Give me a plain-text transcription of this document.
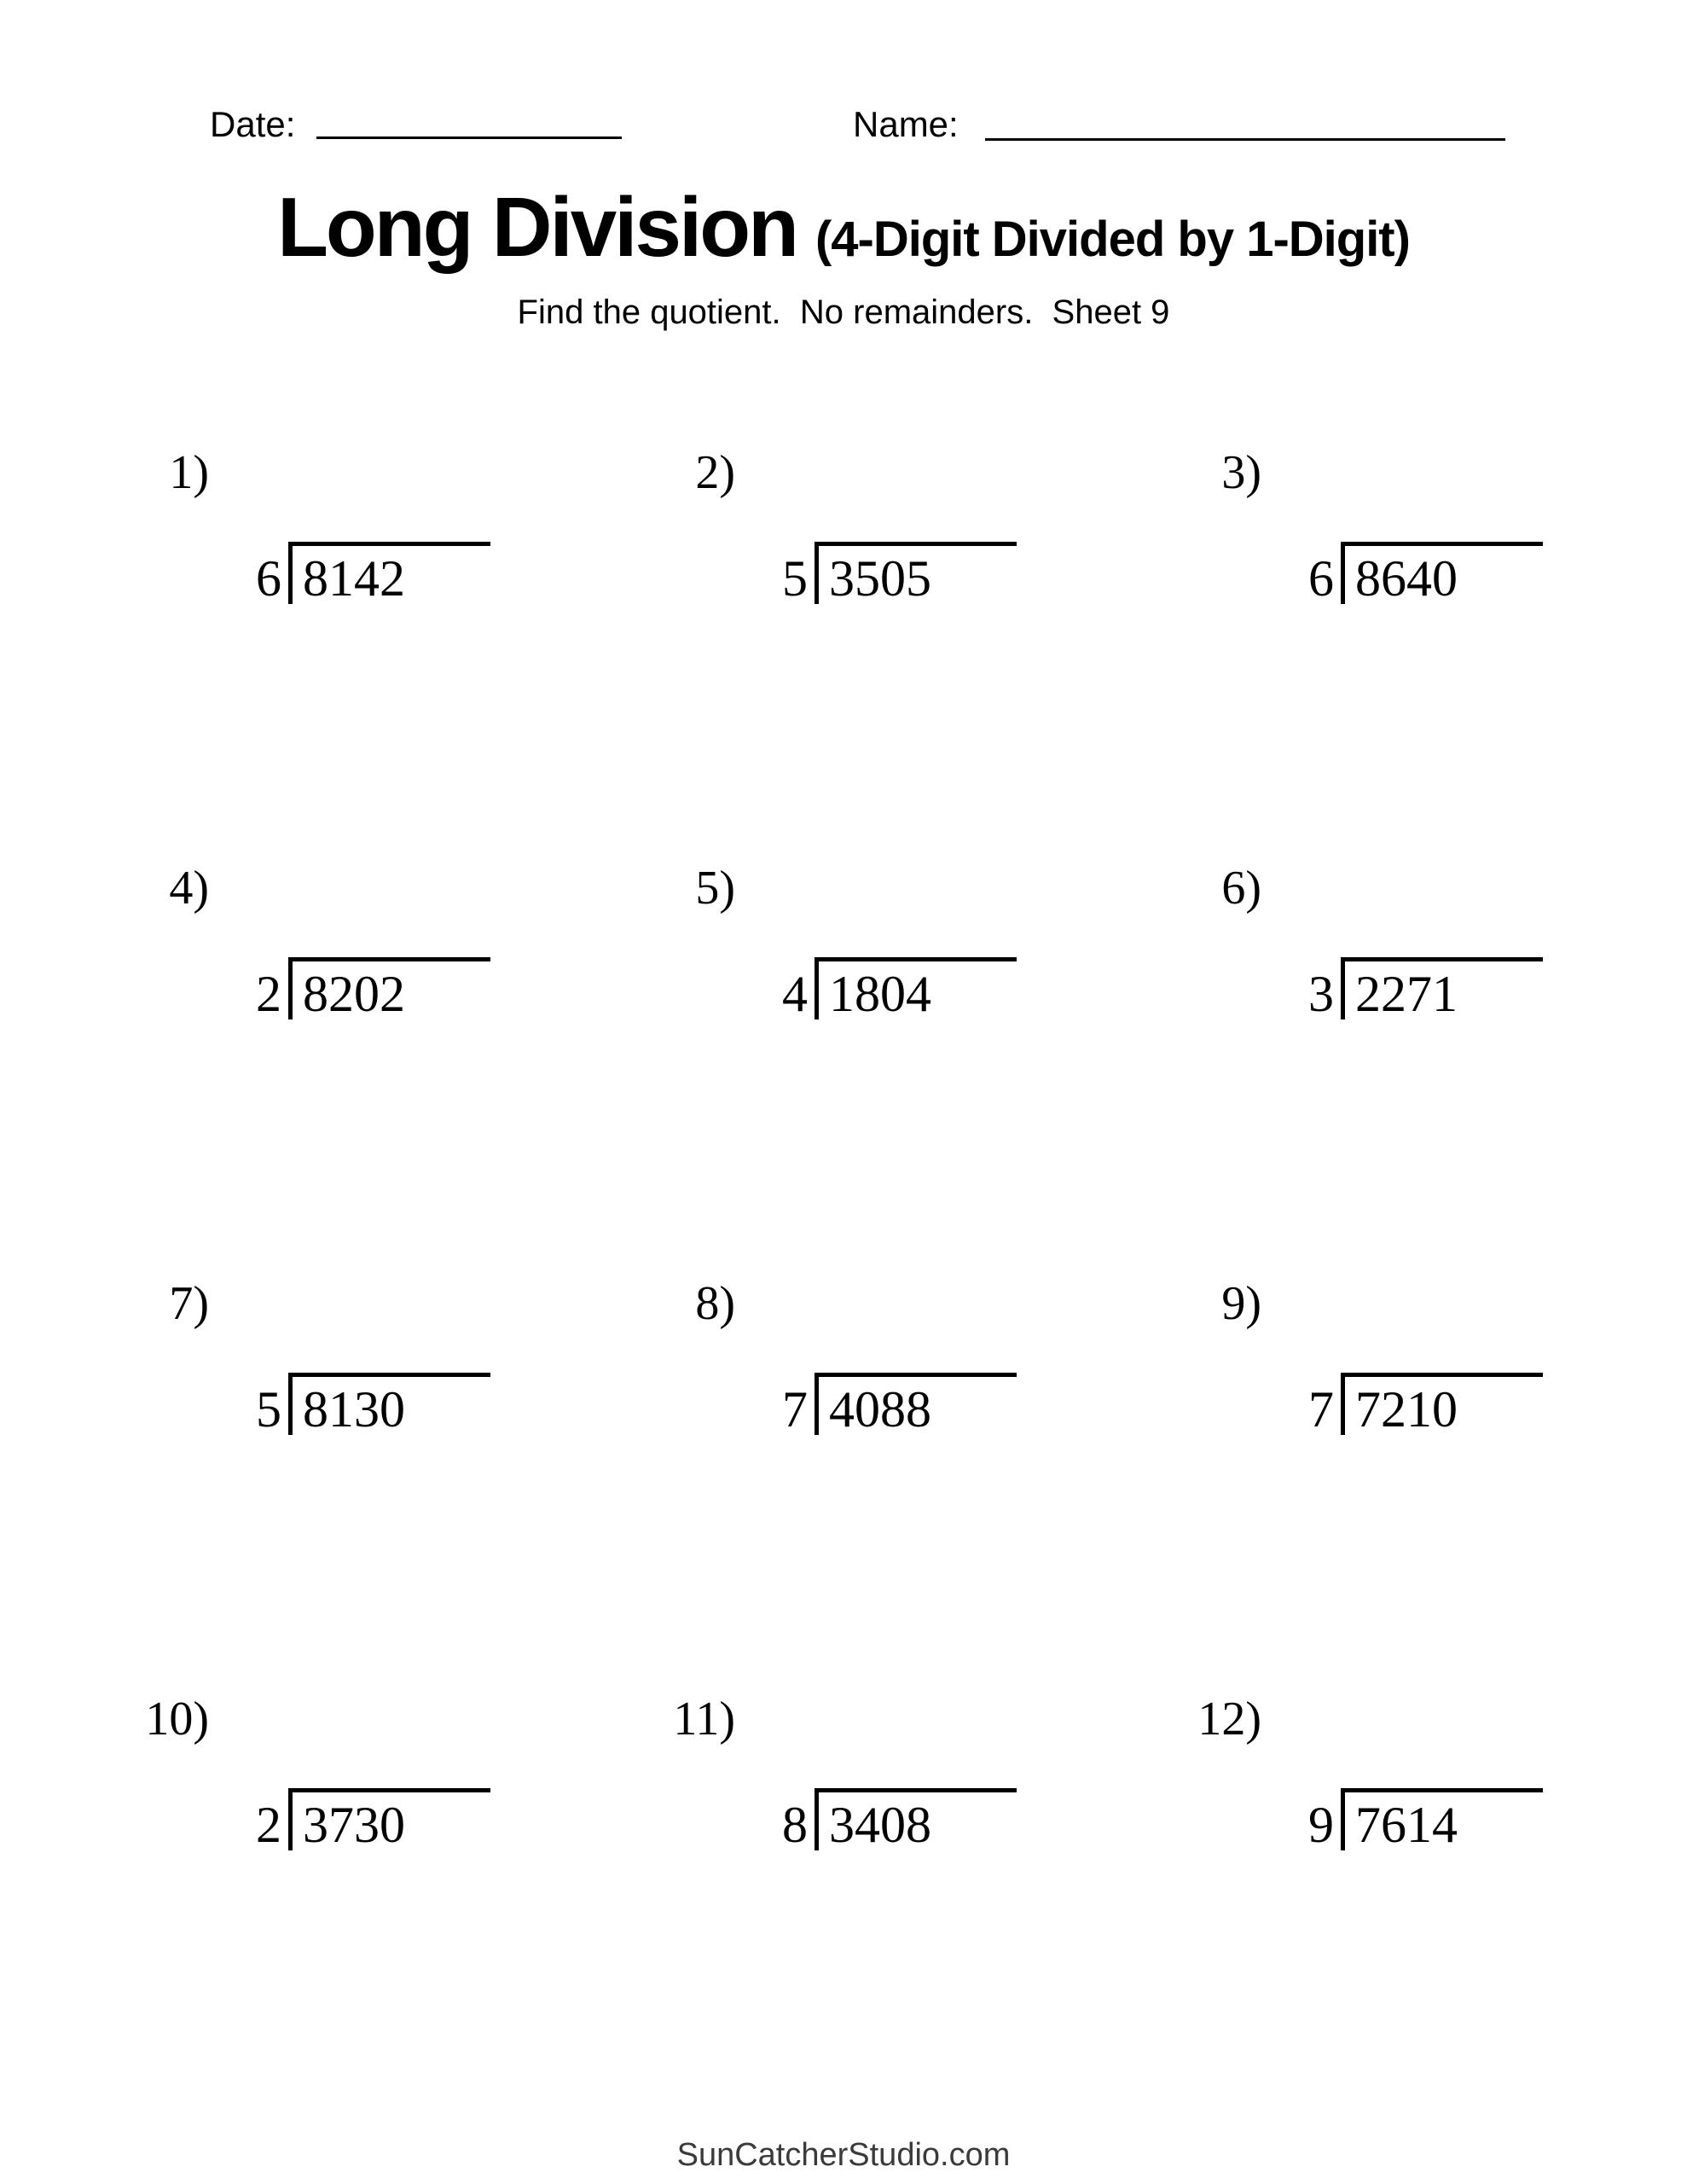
Date:	Name:
Long Division (4-Digit Divided by 1-Digit)
Find the quotient.  No remainders.  Sheet 9
1)
6 8142
2)
5 3505
3)
6 8640
4)
2 8202
5)
4 1804
6)
3 2271
7)
5 8130
8)
7 4088
9)
7 7210
10)
2 3730
11)
8 3408
12)
9 7614
SunCatcherStudio.com
